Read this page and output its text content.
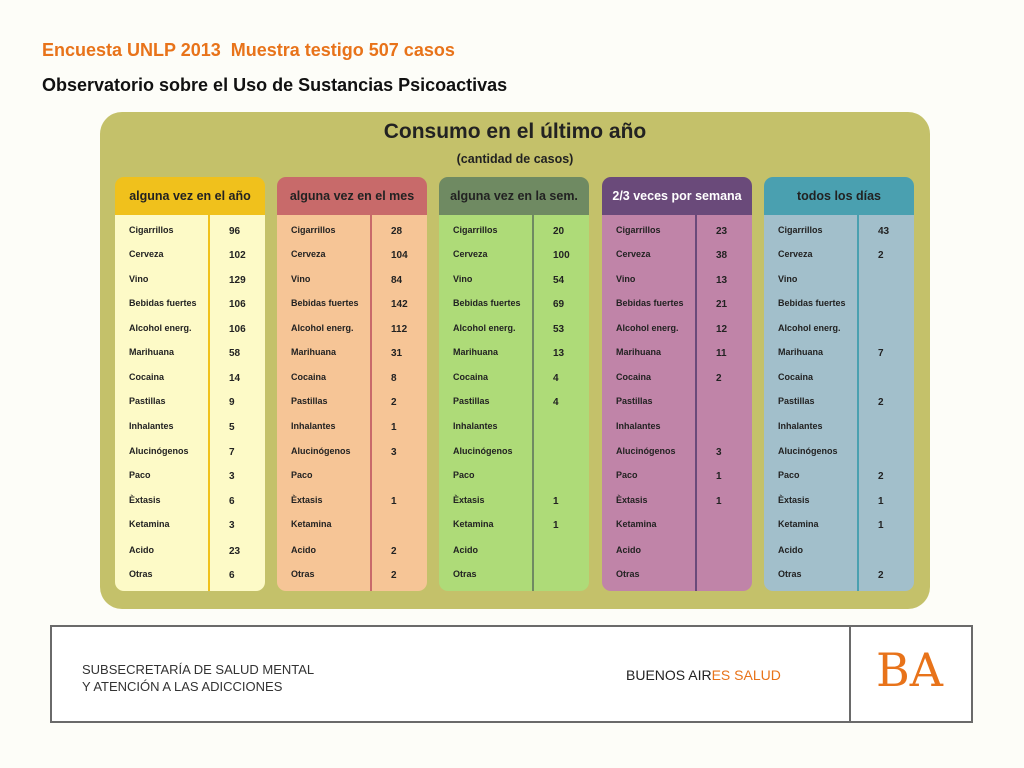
Encuesta UNLP 2013  Muestra testigo 507 casos
Observatorio sobre el Uso de Sustancias Psicoactivas
Consumo en el último año
(cantidad de casos)
alguna vez en el año
Cigarrillos	96
Cerveza	102
Vino	129
Bebidas fuertes	106
Alcohol energ.	106
Marihuana	58
Cocaina	14
Pastillas	9
Inhalantes	5
Alucinógenos	7
Paco	3
Èxtasis	6
Ketamina	3
Acido	23
Otras	6
alguna vez en el mes
Cigarrillos	28
Cerveza	104
Vino	84
Bebidas fuertes	142
Alcohol energ.	112
Marihuana	31
Cocaina	8
Pastillas	2
Inhalantes	1
Alucinógenos	3
Paco
Èxtasis	1
Ketamina
Acido	2
Otras	2
alguna vez en la sem.
Cigarrillos	20
Cerveza	100
Vino	54
Bebidas fuertes	69
Alcohol energ.	53
Marihuana	13
Cocaina	4
Pastillas	4
Inhalantes
Alucinógenos
Paco
Èxtasis	1
Ketamina	1
Acido
Otras
2/3 veces por semana
Cigarrillos	23
Cerveza	38
Vino	13
Bebidas fuertes	21
Alcohol energ.	12
Marihuana	11
Cocaina	2
Pastillas
Inhalantes
Alucinógenos	3
Paco	1
Èxtasis	1
Ketamina
Acido
Otras
todos los días
Cigarrillos	43
Cerveza	2
Vino
Bebidas fuertes
Alcohol energ.
Marihuana	7
Cocaina
Pastillas	2
Inhalantes
Alucinógenos
Paco	2
Èxtasis	1
Ketamina	1
Acido
Otras	2
SUBSECRETARÍA DE SALUD MENTAL
Y ATENCIÓN A LAS ADICCIONES
BUENOS AIRES SALUD BA
